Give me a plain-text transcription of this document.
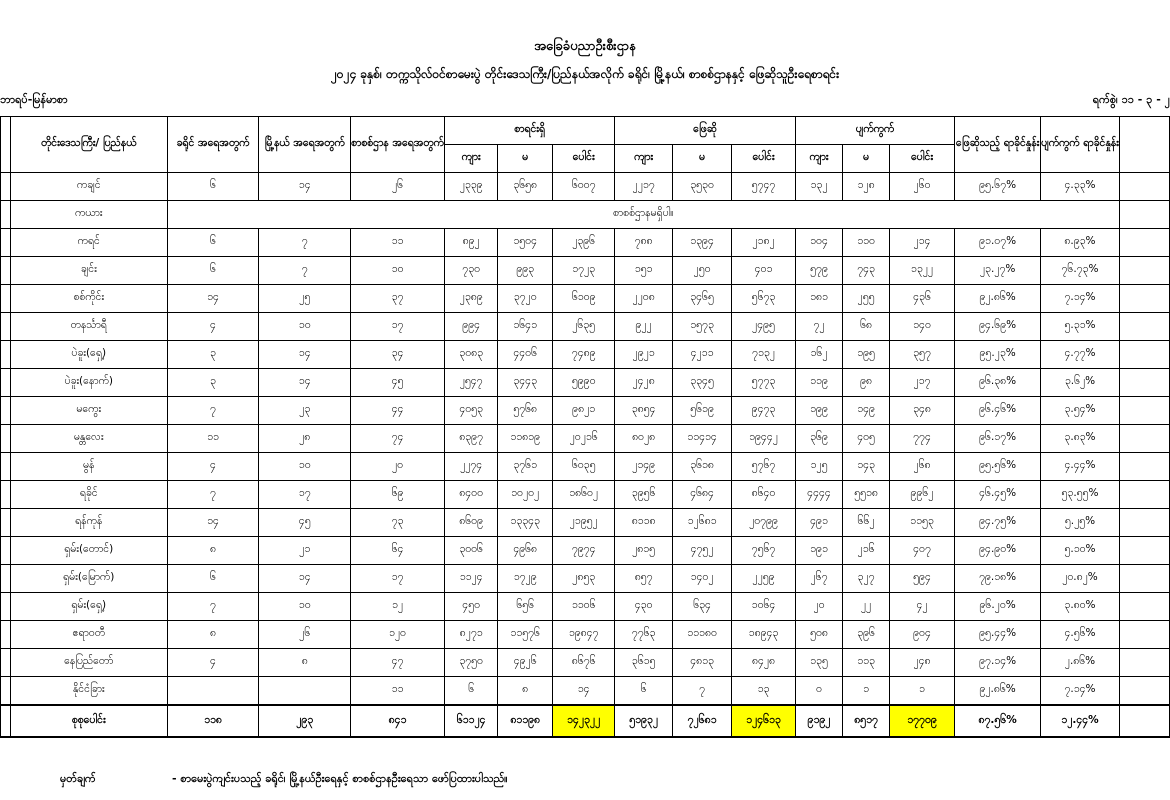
အခြေခံပညာဦးစီးဌာန
၂၀၂၄ ခုနှစ်၊ တက္ကသိုလ်ဝင်စာမေးပွဲ တိုင်းဒေသကြီး/ပြည်နယ်အလိုက် ခရိုင်၊ မြို့နယ်၊ စာစစ်ဌာနနှင့် ဖြေဆိုသူဦးရေစာရင်း
ဘာရပ်-မြန်မာစာ	ရက်စွဲ၊ ၁၁ - ၃ - ၂
	တိုင်းဒေသကြီး/ ပြည်နယ်	ခရိုင် အရေအတွက်	မြို့နယ် အရေအတွက်	စာစစ်ဌာန အရေအတွက်	စာရင်းရှိ			ဖြေဆို			ပျက်ကွက်			ဖြေဆိုသည့် ရာခိုင်နှုန်း	ပျက်ကွက် ရာခိုင်နှုန်း	
					ကျား	မ	ပေါင်း	ကျား	မ	ပေါင်း	ကျား	မ	ပေါင်း			
	ကချင်	၆	၁၄	၂၆	၂၃၃၉	၃၆၅၈	၆၀၀၇	၂၂၁၇	၃၅၃၀	၅၇၄၇	၁၃၂	၁၂၈	၂၆၀	၉၅.၆၇%	၄.၃၃%	
	ကယား	စာစစ်ဌာနမရှိပါ။														
	ကရင်	၆	၇	၁၁	၈၉၂	၁၅၀၄	၂၃၉၆	၇၈၈	၁၃၉၄	၂၁၈၂	၁၀၄	၁၁၀	၂၁၄	၉၁.၀၇%	၈.၉၃%	
	ချင်း	၆	၇	၁၀	၇၃၀	၉၉၃	၁၇၂၃	၁၅၁	၂၅၀	၄၀၁	၅၇၉	၇၄၃	၁၃၂၂	၂၃.၂၇%	၇၆.၇၃%	
	စစ်ကိုင်း	၁၄	၂၅	၃၇	၂၃၈၉	၃၇၂၀	၆၁၀၉	၂၂၀၈	၃၄၆၅	၅၆၇၃	၁၈၁	၂၅၅	၄၃၆	၉၂.၈၆%	၇.၁၄%	
	တနင်္သာရီ	၄	၁၀	၁၇	၉၉၄	၁၆၄၁	၂၆၃၅	၉၂၂	၁၅၇၃	၂၄၉၅	၇၂	၆၈	၁၄၀	၉၄.၆၉%	၅.၃၁%	
	ပဲခူး(ရှေ့)	၃	၁၄	၃၄	၃၀၈၃	၄၄၀၆	၇၄၈၉	၂၉၂၁	၄၂၁၁	၇၁၃၂	၁၆၂	၁၉၅	၃၅၇	၉၅.၂၃%	၄.၇၇%	
	ပဲခူး(နောက်)	၃	၁၄	၄၅	၂၅၄၇	၃၄၄၃	၅၉၉၀	၂၄၂၈	၃၃၄၅	၅၇၇၃	၁၁၉	၉၈	၂၁၇	၉၆.၃၈%	၃.၆၂%	
	မကွေး	၇	၂၃	၄၄	၄၀၅၃	၅၇၆၈	၉၈၂၁	၃၈၅၄	၅၆၁၉	၉၄၇၃	၁၉၉	၁၄၉	၃၄၈	၉၆.၄၆%	၃.၅၄%	
	မန္တလေး	၁၁	၂၈	၇၄	၈၃၉၇	၁၁၈၁၉	၂၀၂၁၆	၈၀၂၈	၁၁၄၁၄	၁၉၄၄၂	၃၆၉	၄၀၅	၇၇၄	၉၆.၁၇%	၃.၈၃%	
	မွန်	၄	၁၀	၂၀	၂၂၇၄	၃၇၆၁	၆၀၃၅	၂၁၄၉	၃၆၁၈	၅၇၆၇	၁၂၅	၁၄၃	၂၆၈	၉၅.၅၆%	၄.၄၄%	
	ရခိုင်	၇	၁၇	၆၉	၈၄၀၀	၁၀၂၀၂	၁၈၆၀၂	၃၉၅၆	၄၆၈၄	၈၆၄၀	၄၄၄၄	၅၅၁၈	၉၉၆၂	၄၆.၄၅%	၅၃.၅၅%	
	ရန်ကုန်	၁၄	၄၅	၇၃	၈၆၀၉	၁၃၃၄၃	၂၁၉၅၂	၈၁၁၈	၁၂၆၈၁	၂၀၇၉၉	၄၉၁	၆၆၂	၁၁၅၃	၉၄.၇၅%	၅.၂၅%	
	ရှမ်း(တောင်)	၈	၂၁	၆၄	၃၀၀၆	၄၉၆၈	၇၉၇၄	၂၈၁၅	၄၇၅၂	၇၅၆၇	၁၉၁	၂၁၆	၄၀၇	၉၄.၉၀%	၅.၁၀%	
	ရှမ်း(မြောက်)	၆	၁၄	၁၇	၁၁၂၄	၁၇၂၉	၂၈၅၃	၈၅၇	၁၄၀၂	၂၂၅၉	၂၆၇	၃၂၇	၅၉၄	၇၉.၁၈%	၂၀.၈၂%	
	ရှမ်း(ရှေ့)	၇	၁၀	၁၂	၄၅၀	၆၅၆	၁၁၀၆	၄၃၀	၆၃၄	၁၀၆၄	၂၀	၂၂	၄၂	၉၆.၂၀%	၃.၈၀%	
	ဧရာဝတီ	၈	၂၆	၁၂၀	၈၂၇၁	၁၁၅၇၆	၁၉၈၄၇	၇၇၆၃	၁၁၁၈၀	၁၈၉၄၃	၅၀၈	၃၉၆	၉၀၄	၉၅.၄၄%	၄.၅၆%	
	နေပြည်တော်	၄	၈	၄၇	၃၇၅၀	၄၉၂၆	၈၆၇၆	၃၆၁၅	၄၈၁၃	၈၄၂၈	၁၃၅	၁၁၃	၂၄၈	၉၇.၁၄%	၂.၈၆%	
	နိုင်ငံခြား			၁၁	၆	၈	၁၄	၆	၇	၁၃	၀	၁	၁	၉၂.၈၆%	၇.၁၄%	
	စုစုပေါင်း	၁၁၈	၂၉၃	၈၄၁	၆၁၁၂၄	၈၁၁၉၈	၁၄၂၃၂၂	၅၁၉၃၂	၇၂၆၈၁	၁၂၄၆၁၃	၉၁၉၂	၈၅၁၇	၁၇၇၀၉	၈၇.၅၆%	၁၂.၄၄%	
မှတ်ချက်	- စာမေးပွဲကျင်းပသည့် ခရိုင်၊ မြို့နယ်ဦးရေနှင့် စာစစ်ဌာနဦးရေသာ ဖော်ပြထားပါသည်။
